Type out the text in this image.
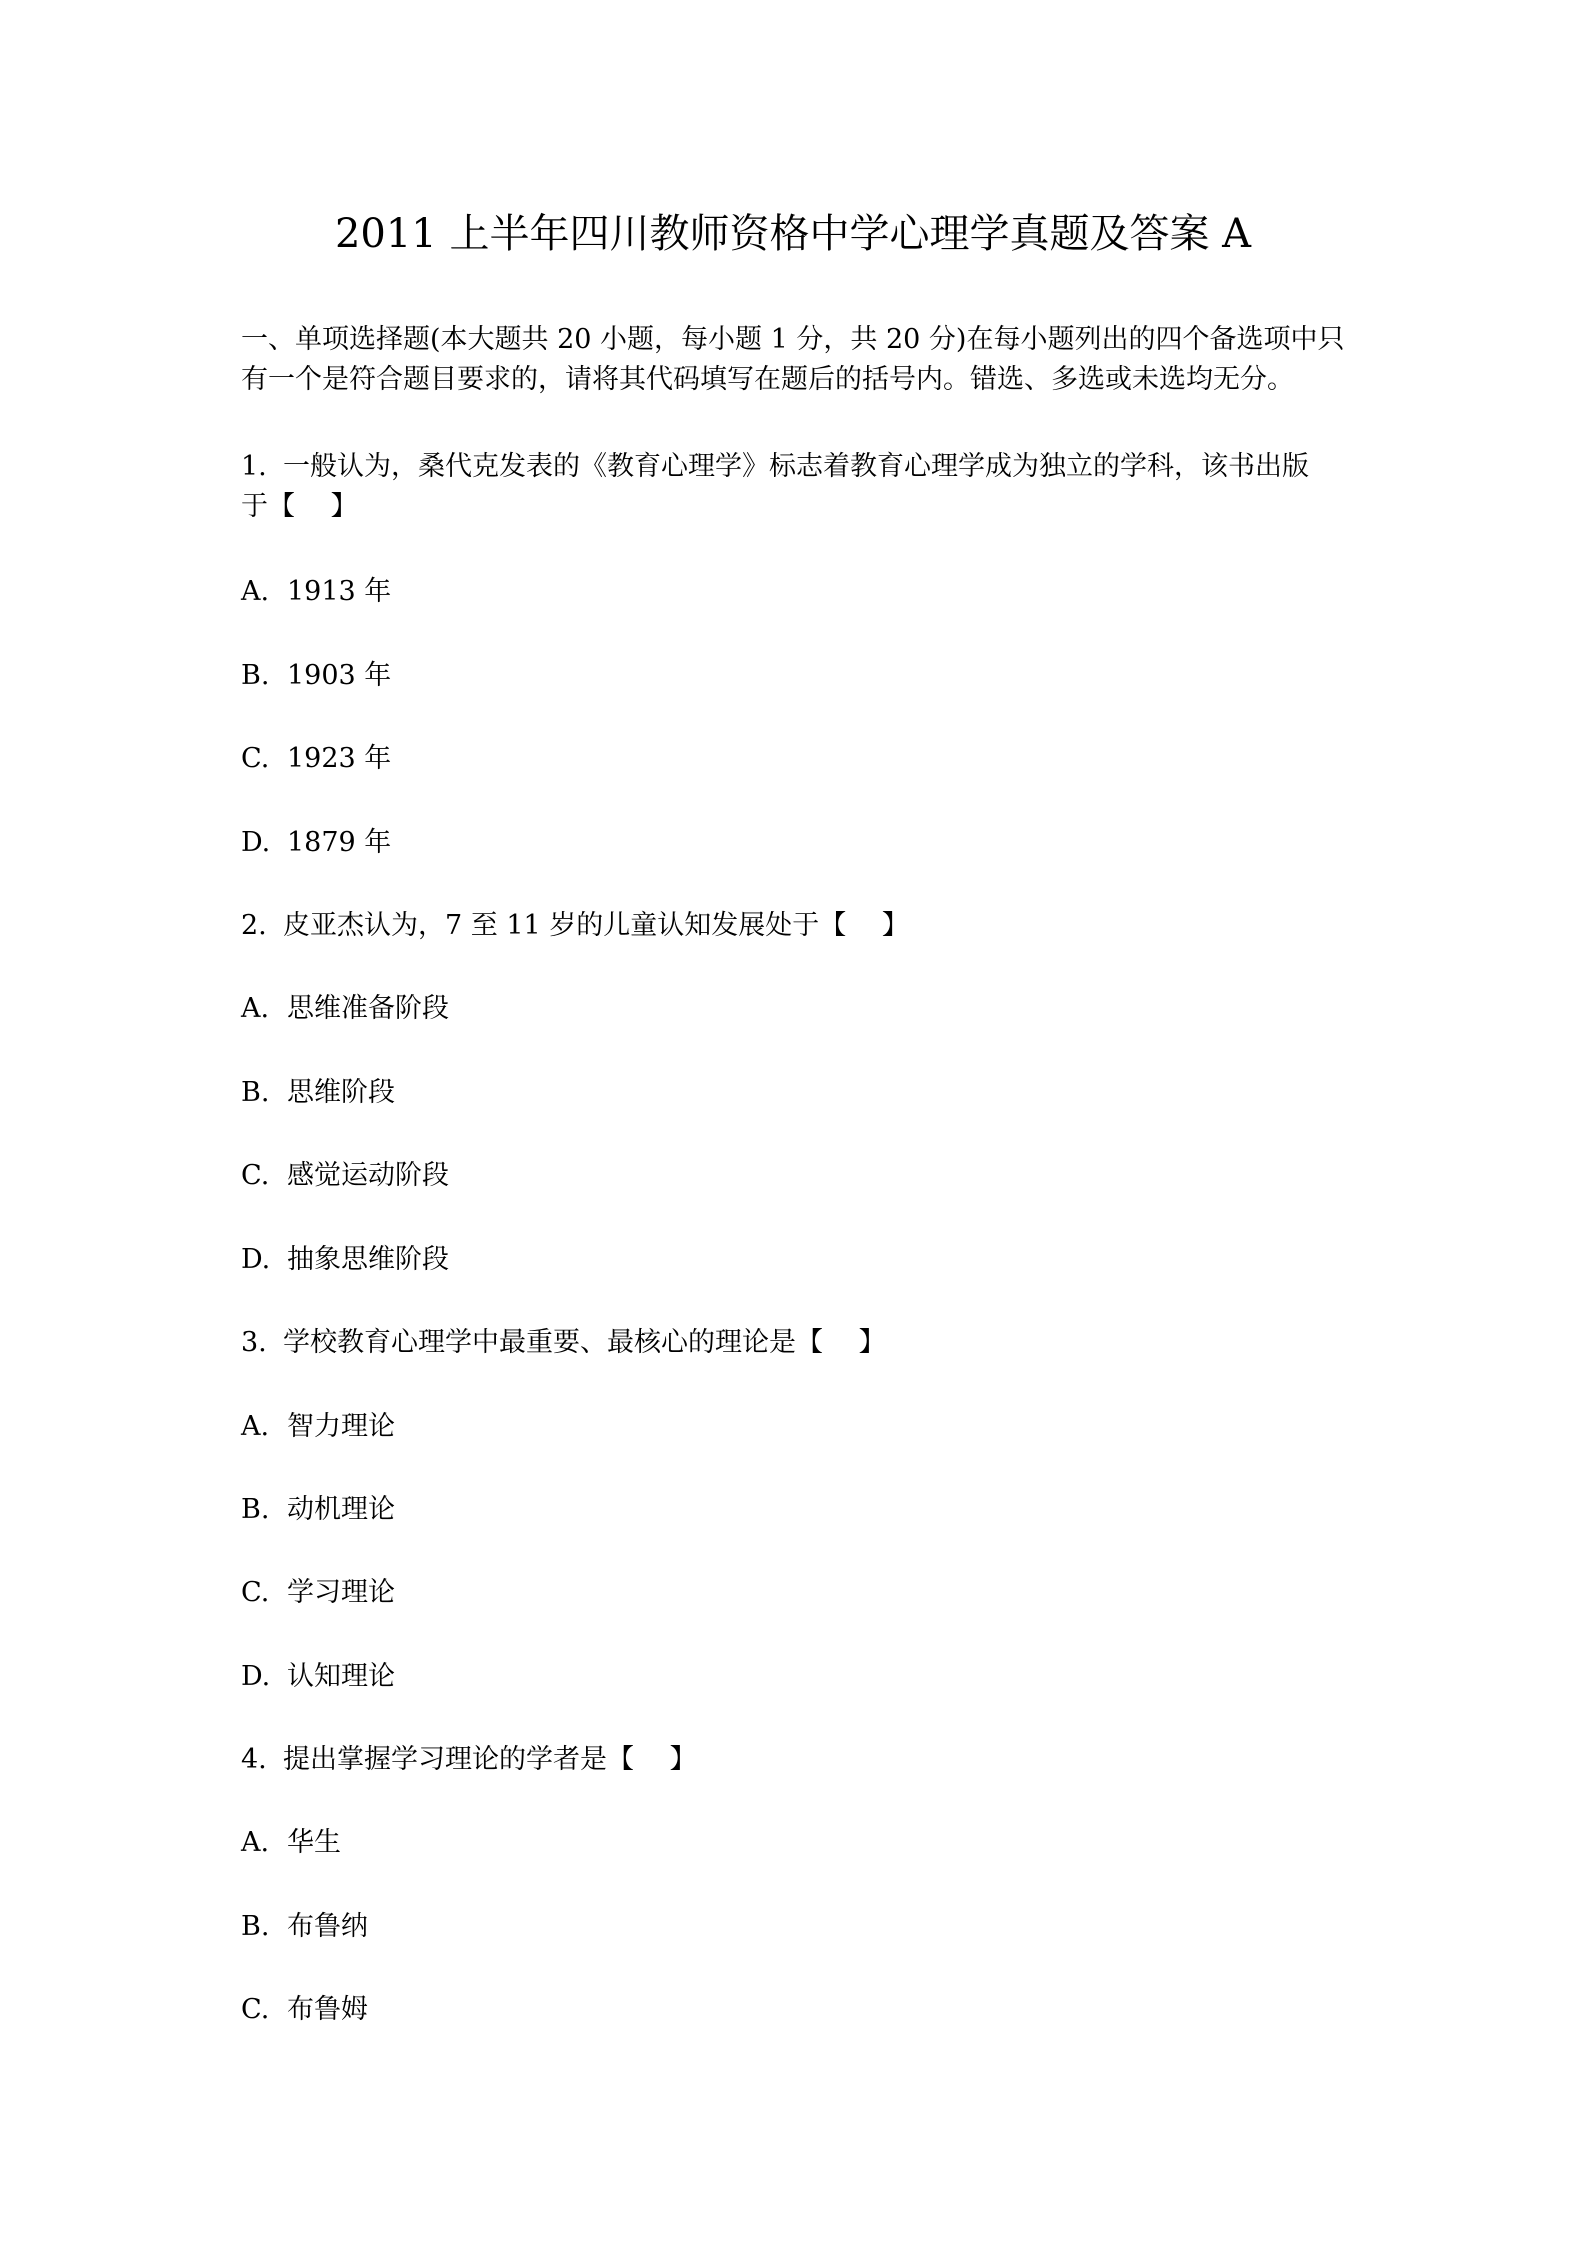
2011 上半年四川教师资格中学心理学真题及答案 A
一、单项选择题(本大题共 20 小题，每小题 1 分，共 20 分)在每小题列出的四个备选项中只
有一个是符合题目要求的，请将其代码填写在题后的括号内。错选、多选或未选均无分。
1. 一般认为，桑代克发表的《教育心理学》标志着教育心理学成为独立的学科，该书出版
于【　 】
A. 1913 年
B. 1903 年
C. 1923 年
D. 1879 年
2. 皮亚杰认为，7 至 11 岁的儿童认知发展处于【　 】
A. 思维准备阶段
B. 思维阶段
C. 感觉运动阶段
D. 抽象思维阶段
3. 学校教育心理学中最重要、最核心的理论是【　 】
A. 智力理论
B. 动机理论
C. 学习理论
D. 认知理论
4. 提出掌握学习理论的学者是【　 】
A. 华生
B. 布鲁纳
C. 布鲁姆
